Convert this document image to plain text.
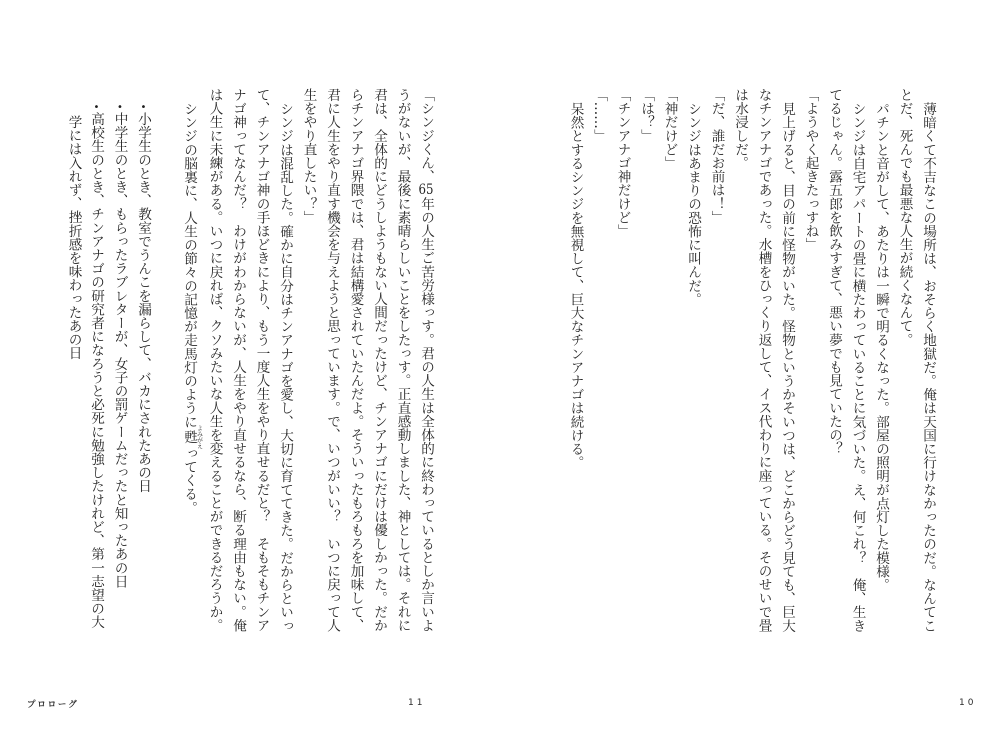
薄暗くて不吉なこの場所は、おそらく地獄だ。俺は天国に行けなかったのだ。なんてこ
とだ、死んでも最悪な人生が続くなんて。

パチンと音がして、あたりは一瞬で明るくなった。部屋の照明が点灯した模様。

シンジは自宅アパートの畳に横たわっていることに気づいた。え、何これ？　俺、生き
てるじゃん。露五郎を飲みすぎて、悪い夢でも見ていたの？

「ようやく起きたっすね」

見上げると、目の前に怪物がいた。怪物というかそいつは、どこからどう見ても、巨大
なチンアナゴであった。水槽をひっくり返して、イス代わりに座っている。そのせいで畳
は水浸しだ。

「だ、誰だお前は！」

シンジはあまりの恐怖に叫んだ。

「神だけど」

「は？」

「チンアナゴ神だけど」

「……」

呆然とするシンジを無視して、巨大なチンアナゴは続ける。

「シンジくん、65年の人生ご苦労様っす。君の人生は全体的に終わっているとしか言いよ
うがないが、最後に素晴らしいことをしたっす。正直感動しました、神としては。それに
君は、全体的にどうしようもない人間だったけど、チンアナゴにだけは優しかった。だか
らチンアナゴ界隈では、君は結構愛されていたんだよ。そういったもろもろを加味して、
君に人生をやり直す機会を与えようと思っています。で、いつがいい？　いつに戻って人
生をやり直したい？」

シンジは混乱した。確かに自分はチンアナゴを愛し、大切に育ててきた。だからといっ
て、チンアナゴ神の手ほどきにより、もう一度人生をやり直せるだと？　そもそもチンア
ナゴ神ってなんだ？　わけがわからないが、人生をやり直せるなら、断る理由もない。俺
は人生に未練がある。いつに戻れば、クソみたいな人生を変えることができるだろうか。

シンジの脳裏に、人生の節々の記憶が走馬灯のように甦よみがえってくる。

•小学生のとき、教室でうんこを漏らして、バカにされたあの日
•中学生のとき、もらったラブレターが、女子の罰ゲームだったと知ったあの日
•高校生のとき、チンアナゴの研究者になろうと必死に勉強したけれど、第一志望の大
学には入れず、挫折感を味わったあの日
プロローグ	11	10
